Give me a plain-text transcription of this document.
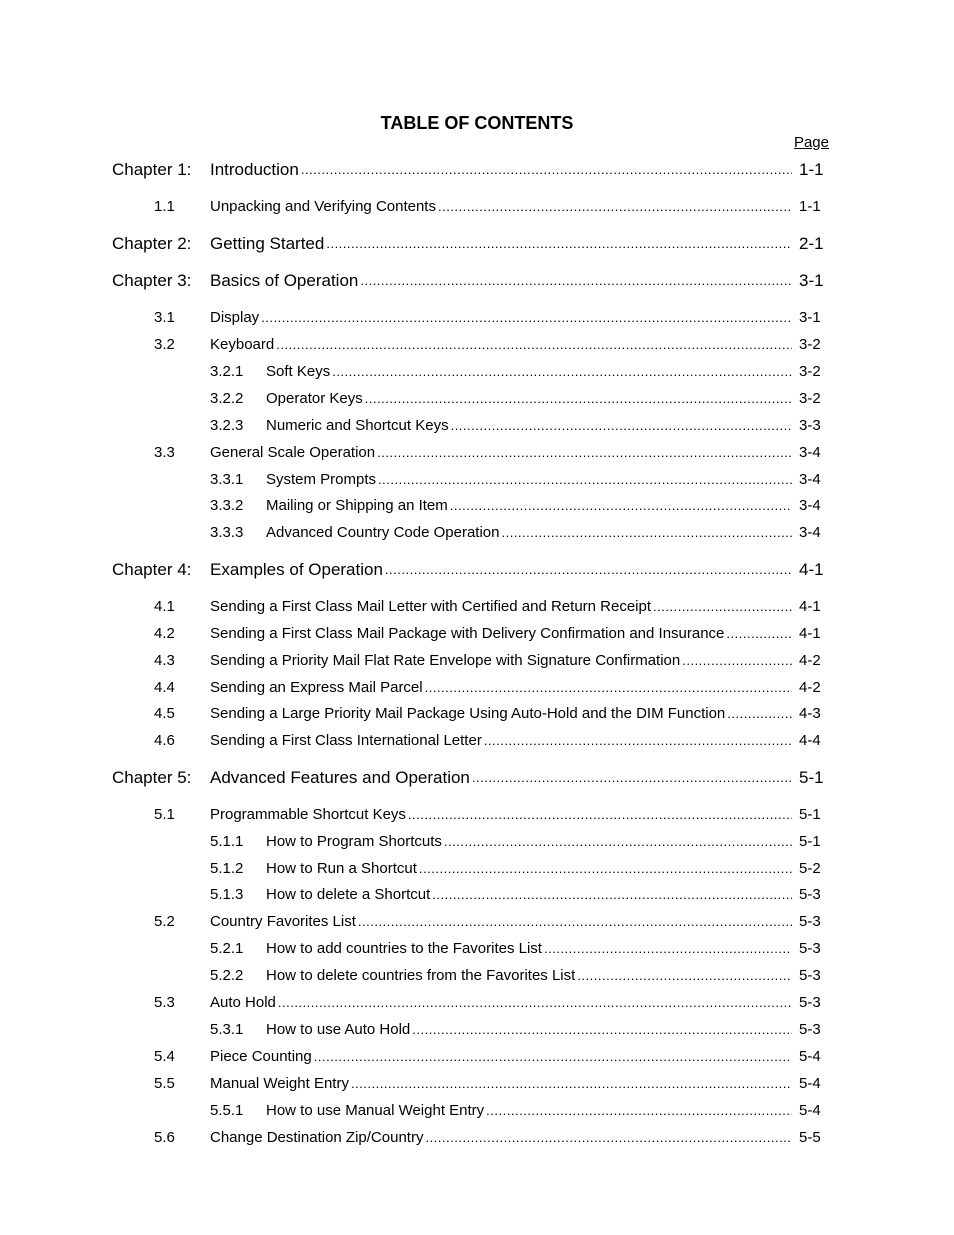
TABLE OF CONTENTS
Page
Chapter 1: Introduction .....	1-1
1.1 Unpacking and Verifying Contents .....	1-1
Chapter 2: Getting Started .....	2-1
Chapter 3: Basics of Operation .....	3-1
3.1 Display .....	3-1
3.2 Keyboard .....	3-2
3.2.1 Soft Keys .....	3-2
3.2.2 Operator Keys .....	3-2
3.2.3 Numeric and Shortcut Keys .....	3-3
3.3 General Scale Operation .....	3-4
3.3.1 System Prompts .....	3-4
3.3.2 Mailing or Shipping an Item .....	3-4
3.3.3 Advanced Country Code Operation .....	3-4
Chapter 4: Examples of Operation .....	4-1
4.1 Sending a First Class Mail Letter with Certified and Return Receipt .....	4-1
4.2 Sending a First Class Mail Package with Delivery Confirmation and Insurance .....	4-1
4.3 Sending a Priority Mail Flat Rate Envelope with Signature Confirmation .....	4-2
4.4 Sending an Express Mail Parcel .....	4-2
4.5 Sending a Large Priority Mail Package Using Auto-Hold and the DIM Function .....	4-3
4.6 Sending a First Class International Letter .....	4-4
Chapter 5: Advanced Features and Operation .....	5-1
5.1 Programmable Shortcut Keys .....	5-1
5.1.1 How to Program Shortcuts .....	5-1
5.1.2 How to Run a Shortcut .....	5-2
5.1.3 How to delete a Shortcut .....	5-3
5.2 Country Favorites List .....	5-3
5.2.1 How to add countries to the Favorites List .....	5-3
5.2.2 How to delete countries from the Favorites List .....	5-3
5.3 Auto Hold .....	5-3
5.3.1 How to use Auto Hold .....	5-3
5.4 Piece Counting .....	5-4
5.5 Manual Weight Entry .....	5-4
5.5.1 How to use Manual Weight Entry .....	5-4
5.6 Change Destination Zip/Country .....	5-5
